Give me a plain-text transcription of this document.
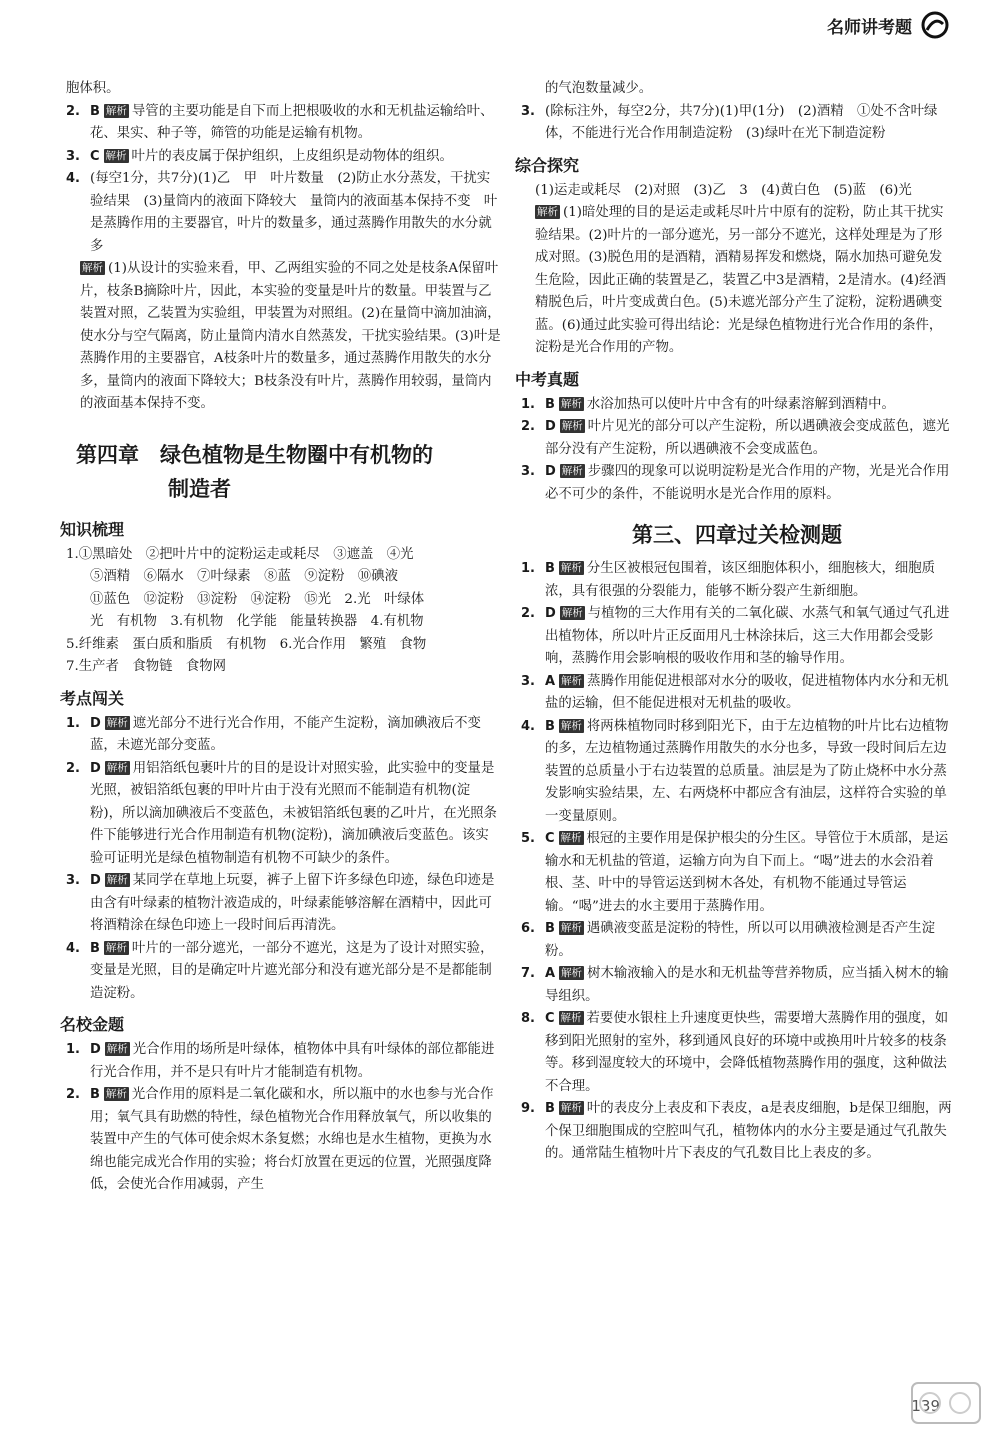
名师讲考题

胞体积。

2. B 解析 导管的主要功能是自下而上把根吸收的水和无机盐运输给叶、花、果实、种子等，筛管的功能是运输有机物。
3. C 解析 叶片的表皮属于保护组织，上皮组织是动物体的组织。
4. (每空1分，共7分)(1)乙　甲　叶片数量　(2)防止水分蒸发，干扰实验结果　(3)量筒内的液面下降较大　量筒内的液面基本保持不变　叶是蒸腾作用的主要器官，叶片的数量多，通过蒸腾作用散失的水分就多
解析 (1)从设计的实验来看，甲、乙两组实验的不同之处是枝条A保留叶片，枝条B摘除叶片，因此，本实验的变量是叶片的数量。甲装置与乙装置对照，乙装置为实验组，甲装置为对照组。(2)在量筒中滴加油滴，使水分与空气隔离，防止量筒内清水自然蒸发，干扰实验结果。(3)叶是蒸腾作用的主要器官，A枝条叶片的数量多，通过蒸腾作用散失的水分多，量筒内的液面下降较大；B枝条没有叶片，蒸腾作用较弱，量筒内的液面基本保持不变。
第四章　绿色植物是生物圈中有机物的
制造者
知识梳理

1.①黑暗处　②把叶片中的淀粉运走或耗尽　③遮盖　④光

⑤酒精　⑥隔水　⑦叶绿素　⑧蓝　⑨淀粉　⑩碘液

⑪蓝色　⑫淀粉　⑬淀粉　⑭淀粉　⑮光　2.光　叶绿体

光　有机物　3.有机物　化学能　能量转换器　4.有机物

5.纤维素　蛋白质和脂质　有机物　6.光合作用　繁殖　食物

7.生产者　食物链　食物网

考点闯关
1. D 解析 遮光部分不进行光合作用，不能产生淀粉，滴加碘液后不变蓝，未遮光部分变蓝。
2. D 解析 用铝箔纸包裹叶片的目的是设计对照实验，此实验中的变量是光照，被铝箔纸包裹的甲叶片由于没有光照而不能制造有机物(淀粉)，所以滴加碘液后不变蓝色，未被铝箔纸包裹的乙叶片，在光照条件下能够进行光合作用制造有机物(淀粉)，滴加碘液后变蓝色。该实验可证明光是绿色植物制造有机物不可缺少的条件。
3. D 解析 某同学在草地上玩耍，裤子上留下许多绿色印迹，绿色印迹是由含有叶绿素的植物汁液造成的，叶绿素能够溶解在酒精中，因此可将酒精涂在绿色印迹上一段时间后再清洗。
4. B 解析 叶片的一部分遮光，一部分不遮光，这是为了设计对照实验，变量是光照，目的是确定叶片遮光部分和没有遮光部分是不是都能制造淀粉。
名校金题
1. D 解析 光合作用的场所是叶绿体，植物体中具有叶绿体的部位都能进行光合作用，并不是只有叶片才能制造有机物。
2. B 解析 光合作用的原料是二氧化碳和水，所以瓶中的水也参与光合作用；氧气具有助燃的特性，绿色植物光合作用释放氧气，所以收集的装置中产生的气体可使余烬木条复燃；水绵也是水生植物，更换为水绵也能完成光合作用的实验；将台灯放置在更远的位置，光照强度降低，会使光合作用减弱，产生

的气泡数量减少。

3. (除标注外，每空2分，共7分)(1)甲(1分)　(2)酒精　①处不含叶绿体，不能进行光合作用制造淀粉　(3)绿叶在光下制造淀粉
综合探究

(1)运走或耗尽　(2)对照　(3)乙　3　(4)黄白色　(5)蓝　(6)光

解析 (1)暗处理的目的是运走或耗尽叶片中原有的淀粉，防止其干扰实验结果。(2)叶片的一部分遮光，另一部分不遮光，这样处理是为了形成对照。(3)脱色用的是酒精，酒精易挥发和燃烧，隔水加热可避免发生危险，因此正确的装置是乙，装置乙中3是酒精，2是清水。(4)经酒精脱色后，叶片变成黄白色。(5)未遮光部分产生了淀粉，淀粉遇碘变蓝。(6)通过此实验可得出结论：光是绿色植物进行光合作用的条件，淀粉是光合作用的产物。
中考真题
1. B 解析 水浴加热可以使叶片中含有的叶绿素溶解到酒精中。
2. D 解析 叶片见光的部分可以产生淀粉，所以遇碘液会变成蓝色，遮光部分没有产生淀粉，所以遇碘液不会变成蓝色。
3. D 解析 步骤四的现象可以说明淀粉是光合作用的产物，光是光合作用必不可少的条件，不能说明水是光合作用的原料。
第三、四章过关检测题
1. B 解析 分生区被根冠包围着，该区细胞体积小，细胞核大，细胞质浓，具有很强的分裂能力，能够不断分裂产生新细胞。
2. D 解析 与植物的三大作用有关的二氧化碳、水蒸气和氧气通过气孔进出植物体，所以叶片正反面用凡士林涂抹后，这三大作用都会受影响，蒸腾作用会影响根的吸收作用和茎的输导作用。
3. A 解析 蒸腾作用能促进根部对水分的吸收，促进植物体内水分和无机盐的运输，但不能促进根对无机盐的吸收。
4. B 解析 将两株植物同时移到阳光下，由于左边植物的叶片比右边植物的多，左边植物通过蒸腾作用散失的水分也多，导致一段时间后左边装置的总质量小于右边装置的总质量。油层是为了防止烧杯中水分蒸发影响实验结果，左、右两烧杯中都应含有油层，这样符合实验的单一变量原则。
5. C 解析 根冠的主要作用是保护根尖的分生区。导管位于木质部，是运输水和无机盐的管道，运输方向为自下而上。“喝”进去的水会沿着根、茎、叶中的导管运送到树木各处，有机物不能通过导管运输。“喝”进去的水主要用于蒸腾作用。
6. B 解析 遇碘液变蓝是淀粉的特性，所以可以用碘液检测是否产生淀粉。
7. A 解析 树木输液输入的是水和无机盐等营养物质，应当插入树木的输导组织。
8. C 解析 若要使水银柱上升速度更快些，需要增大蒸腾作用的强度，如移到阳光照射的室外，移到通风良好的环境中或换用叶片较多的枝条等。移到湿度较大的环境中，会降低植物蒸腾作用的强度，这种做法不合理。
9. B 解析 叶的表皮分上表皮和下表皮，a是表皮细胞，b是保卫细胞，两个保卫细胞围成的空腔叫气孔，植物体内的水分主要是通过气孔散失的。通常陆生植物叶片下表皮的气孔数目比上表皮的多。
139
